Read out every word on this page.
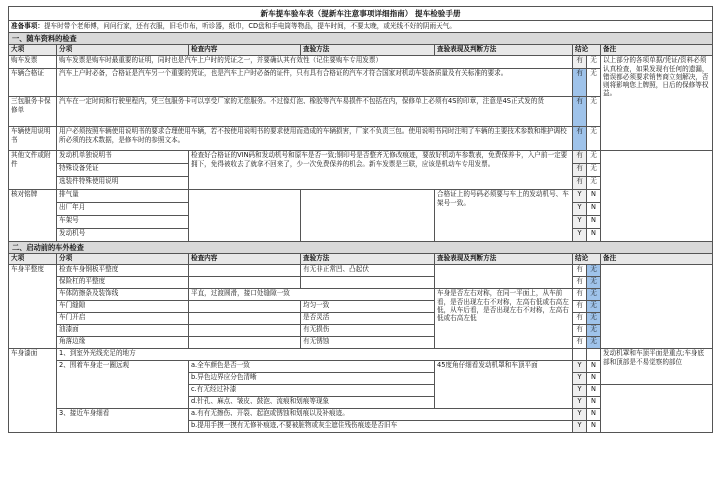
新车提车验车表（提新车注意事项详细指南） 提车检验手册							
准备事项：提车时带个老师傅，问问行家，还有衣服，旧毛巾布，听诊器，纸巾，CD盘和手电筒等物品，提车时间，不要太晚，或光线不好的阴雨天气。							
一、随车资料的检查							
大项	分项	检查内容	查验方法	查验表现及判断方法	结论		备注
购车发票	购车发票是购车时最重要的证明，同时也是汽车上户时的凭证之一，并要确认其有效性（记住要购车专用发票）				有	无	以上部分的各项单据/凭证/资料必须认真检查，如果发现有任何的遗漏，错误都必须要求销售商立刻解决，否则将影响您上牌照，日后的保修等权益。
车辆合格证	汽车上户时必备，合格证是汽车另一个重要的凭证，也是汽车上户时必备的证件，只有具有合格证的汽车才符合国家对机动车装备质量及有关标准的要求。				有	无	
三包服务卡保修单	汽车在一定时间和行驶里程内，凭三包服务卡可以享受厂家的无偿服务。不过像灯泡、橡胶等汽车易损件不包括在内，保修单上必须有4S的印章，注意是4S正式发的货				有	无	
车辆使用说明书	用户必须按照车辆使用说明书的要求合理使用车辆，若不按使用说明书的要求使用而造成的车辆损害，厂家不负责三包。使用说明书同时注明了车辆的主要技术参数和维护调校所必须的技术数据，是修车时的参照文本。				有	无	
其他文件或附件	发动机单独说明书	检查好合格证的VIN码和发动机号和原车是否一致;钢印号是否整齐无修改痕迹，要放好机动车参数表，免费保养卡，入户前一定要拥下，免得被收去了就拿不回来了，少一次免费保养的机会。新车发票是三联，应该是机动车专用发票。			有	无	
	特殊设备凭证				有	无	
	选装件特殊使用说明				有	无	
核对铭牌	排气量			合格证上的号码必须要与车上的发动机号、车架号一致。	Y	N	
	出厂年月				Y	N	
	车架号				Y	N	
	发动机号				Y	N	
二、启动前的车外检查							
大项	分项	检查内容	查验方法	查验表现及判断方法	结论		备注
车身平整度	检查车身钢板平整度		有无非正常凹、凸起伏		有	无	
	保险杠的平整度				有	无	
	车体防擦条及装饰线	平直，过渡圆滑，接口处缝隙一致		车身是否左右对称，在同一平面上，从车前看，是否出现左右不对称，左高右低或右高左低，从车后看，是否出现左右不对称，左高右低或右高左低	有	无	
	车门缝隙		均匀一致		有	无	
	车门开启		是否灵活		有	无	
	油漆面		有无损伤		有	无	
	角落边缘		有无锈蚀		有	无	
车身漆面	1、到室外光线充足的地方						发动机罩和车顶平面是重点;车身底部和顶部是不易觉察的部位
	2、围着车身走一圈远观	a.全车颜色是否一致		45度角仔细看发动机罩和车顶平面	Y	N	
		b.异色边界应分色清晰			Y	N	
		c.有无经过补漆			Y	N	
		d.针孔、麻点、皱皮、鼓泡、流痕和划痕等现象			Y	N	
	3、接近车身细看	a.有有无擦伤、开裂、起泡或锈蚀和划痕以及补痕迹。			Y	N	
		b.提用手摸一摸有无修补痕迹,不要被脏物或灰尘遮住残伤痕迹是否旧车			Y	N	
